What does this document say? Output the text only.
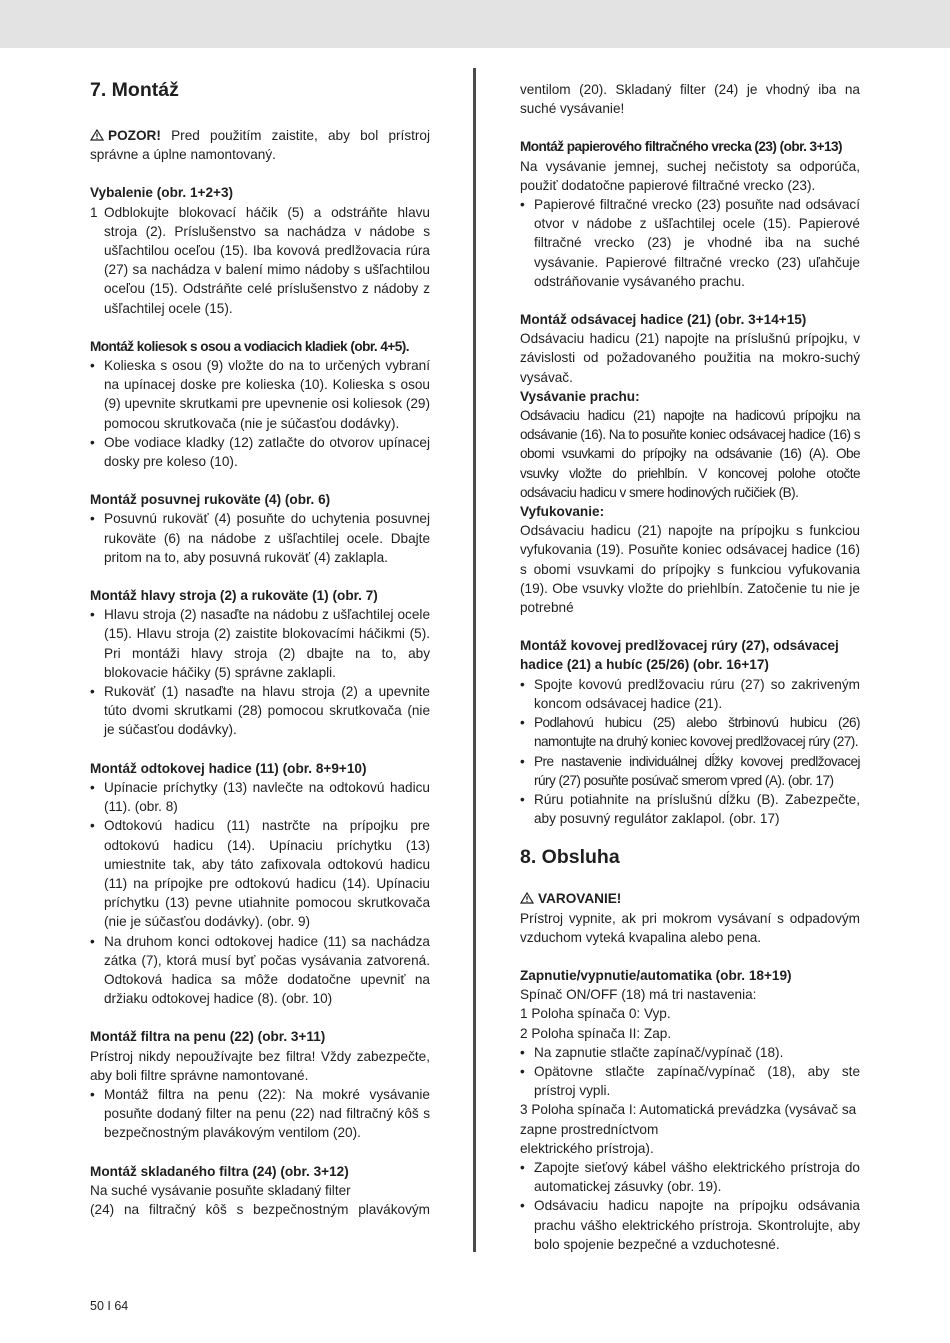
7. Montáž

POZOR! Pred použitím zaistite, aby bol prístroj správne a úplne namontovaný.

Vybalenie (obr. 1+2+3)

1 Odblokujte blokovací háčik (5) a odstráňte hlavu stroja (2). Príslušenstvo sa nachádza v nádobe s ušľachtilou oceľou (15). Iba kovová predlžovacia rúra (27) sa nachádza v balení mimo nádoby s ušľachtilou oceľou (15). Odstráňte celé príslušenstvo z nádoby z ušľachtilej ocele (15).

Montáž koliesok s osou a vodiacich kladiek (obr. 4+5).

• Kolieska s osou (9) vložte do na to určených vybraní na upínacej doske pre kolieska (10). Kolieska s osou (9) upevnite skrutkami pre upevnenie osi koliesok (29) pomocou skrutkovača (nie je súčasťou dodávky).

• Obe vodiace kladky (12) zatlačte do otvorov upínacej dosky pre koleso (10).

Montáž posuvnej rukoväte (4) (obr. 6)

• Posuvnú rukoväť (4) posuňte do uchytenia posuvnej rukoväte (6) na nádobe z ušľachtilej ocele. Dbajte pritom na to, aby posuvná rukoväť (4) zaklapla.

Montáž hlavy stroja (2) a rukoväte (1) (obr. 7)

• Hlavu stroja (2) nasaďte na nádobu z ušľachtilej ocele (15). Hlavu stroja (2) zaistite blokovacími háčikmi (5). Pri montáži hlavy stroja (2) dbajte na to, aby blokovacie háčiky (5) správne zaklapli.

• Rukoväť (1) nasaďte na hlavu stroja (2) a upevnite túto dvomi skrutkami (28) pomocou skrutkovača (nie je súčasťou dodávky).

Montáž odtokovej hadice (11) (obr. 8+9+10)

• Upínacie príchytky (13) navlečte na odtokovú hadicu (11). (obr. 8)

• Odtokovú hadicu (11) nastrčte na prípojku pre odtokovú hadicu (14). Upínaciu príchytku (13) umiestnite tak, aby táto zafixovala odtokovú hadicu (11) na prípojke pre odtokovú hadicu (14). Upínaciu príchytku (13) pevne utiahnite pomocou skrutkovača (nie je súčasťou dodávky). (obr. 9)

• Na druhom konci odtokovej hadice (11) sa nachádza zátka (7), ktorá musí byť počas vysávania zatvorená. Odtoková hadica sa môže dodatočne upevniť na držiaku odtokovej hadice (8). (obr. 10)

Montáž filtra na penu (22) (obr. 3+11)

Prístroj nikdy nepoužívajte bez filtra! Vždy zabezpečte, aby boli filtre správne namontované.

• Montáž filtra na penu (22): Na mokré vysávanie posuňte dodaný filter na penu (22) nad filtračný kôš s bezpečnostným plavákovým ventilom (20).

Montáž skladaného filtra (24) (obr. 3+12)

Na suché vysávanie posuňte skladaný filter

(24) na filtračný kôš s bezpečnostným plavákovým

ventilom (20). Skladaný filter (24) je vhodný iba na suché vysávanie!

Montáž papierového filtračného vrecka (23) (obr. 3+13)

Na vysávanie jemnej, suchej nečistoty sa odporúča, použiť dodatočne papierové filtračné vrecko (23).

• Papierové filtračné vrecko (23) posuňte nad odsávací otvor v nádobe z ušľachtilej ocele (15). Papierové filtračné vrecko (23) je vhodné iba na suché vysávanie. Papierové filtračné vrecko (23) uľahčuje odstráňovanie vysávaného prachu.

Montáž odsávacej hadice (21) (obr. 3+14+15)

Odsávaciu hadicu (21) napojte na príslušnú prípojku, v závislosti od požadovaného použitia na mokro-suchý vysávač.

Vysávanie prachu:

Odsávaciu hadicu (21) napojte na hadicovú prípojku na odsávanie (16). Na to posuňte koniec odsávacej hadice (16) s obomi vsuvkami do prípojky na odsávanie (16) (A). Obe vsuvky vložte do priehlbín. V koncovej polohe otočte odsávaciu hadicu v smere hodinových ručičiek (B).

Vyfukovanie:

Odsávaciu hadicu (21) napojte na prípojku s funkciou vyfukovania (19). Posuňte koniec odsávacej hadice (16) s obomi vsuvkami do prípojky s funkciou vyfukovania (19). Obe vsuvky vložte do priehlbín. Zatočenie tu nie je potrebné

Montáž kovovej predlžovacej rúry (27), odsávacej hadice (21) a hubíc (25/26) (obr. 16+17)

• Spojte kovovú predlžovaciu rúru (27) so zakriveným koncom odsávacej hadice (21).

• Podlahovú hubicu (25) alebo štrbinovú hubicu (26) namontujte na druhý koniec kovovej predlžovacej rúry (27).

• Pre nastavenie individuálnej dĺžky kovovej predlžovacej rúry (27) posuňte posúvač smerom vpred (A). (obr. 17)

• Rúru potiahnite na príslušnú dĺžku (B). Zabezpečte, aby posuvný regulátor zaklapol. (obr. 17)

8. Obsluha
VAROVANIE!

Prístroj vypnite, ak pri mokrom vysávaní s odpadovým vzduchom vyteká kvapalina alebo pena.

Zapnutie/vypnutie/automatika (obr. 18+19)

Spínač ON/OFF (18) má tri nastavenia:

1 Poloha spínača 0: Vyp.

2 Poloha spínača II: Zap.

• Na zapnutie stlačte zapínač/vypínač (18).

• Opätovne stlačte zapínač/vypínač (18), aby ste prístroj vypli.

3 Poloha spínača I: Automatická prevádzka (vysávač sa zapne prostredníctvom

elektrického prístroja).

• Zapojte sieťový kábel vášho elektrického prístroja do automatickej zásuvky (obr. 19).

• Odsávaciu hadicu napojte na prípojku odsávania prachu vášho elektrického prístroja. Skontrolujte, aby bolo spojenie bezpečné a vzduchotesné.

50 I 64
